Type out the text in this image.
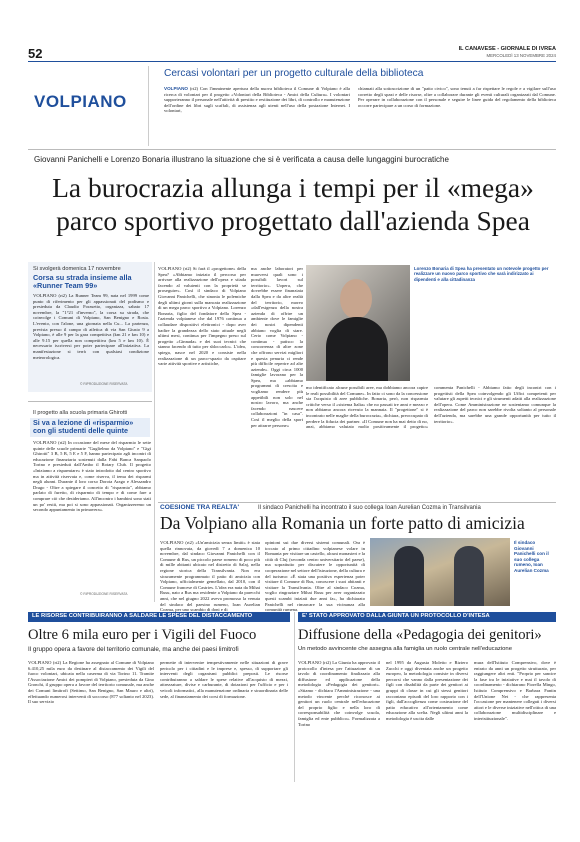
52	IL CANAVESE - GIORNALE DI IVREA
MERCOLEDÌ 13 NOVEMBRE 2024
VOLPIANO
Cercasi volontari per un progetto culturale della biblioteca
VOLPIANO (rt2) Con l'imminente apertura della nuova biblioteca il Comune di Volpiano è alla ricerca di volontari per il progetto «Volontari della Biblioteca - Amici della Cultura». I volontari supporteranno il personale nell'attività di prestito e restituzione dei libri, di controllo e manutenzione dell'ordine dei libri sugli scaffali, di assistenza agli utenti nell'uso della postazione Internet. I volontari,
chiamati alla sottoscrizione di un "patto civico", sono tenuti a far rispettare le regole e a vigilare sull'uso corretto degli spazi e delle risorse, oltre a collaborare durante gli eventi culturali organizzati dal Comune. Per operare in collaborazione con il personale e seguire le linee guida del regolamento della biblioteca occorre partecipare a un corso di formazione.
Giovanni Panichelli e Lorenzo Bonaria illustrano la situazione che si è verificata a causa delle lungaggini burocratiche
La burocrazia allunga i tempi per il «mega»
parco sportivo progettato dall'azienda Spea
Si svolgerà domenica 17 novembre
Corsa su strada insieme alla «Runner Team 99»
VOLPIANO (rt2) La Runner Team 99, nata nel 1999 come punto di riferimento per gli appassionati del podismo e presieduta da Claudio Forasetto, organizza, sabato 17 novembre, la "1°21 d'inverno", la corsa su strada, che coinvolge i Comuni di Volpiano, San Benigno e Rosta. L'evento, con l'alone, una giornata nella Cu... La partenza, prevista presso il campo di atletica di via San Giusto 9 a Volpiano, è alle 9 per la gara competitiva (km 21 e km 10) e alle 9.15 per quella non competitiva (km 5 e km 10). È necessario iscriversi per poter partecipare all'iniziativa. La manifestazione si terrà con qualsiasi condizione meteorologica.
© RIPRODUZIONE RISERVATA
VOLPIANO (rt2) Si farà il «progettone» della Spea? «Abbiamo iniziato il percorso per arrivare alla realizzazione dell'opera e stiada facendo al valutenti con la proprietà se proseguire». Così il sindaco di Volpiano Giovanni Panichelli, che sinonia le polemiche degli ultimi giorni sulla mancata realizzazione di un mega parco sportivo a Volpiano. Lorenzo Bonaria, figlio del fondatore della Spea - l'azienda volpianese che dal 1976 continua a collaudare dispositivi elettronici - dopo aver badire la grandezza dello stato attuale negli ultimi mesi, continua per l'impegno preso sul progetto «Ginnada» e dei suoi tecnici che stanno facendo di tutto per sbloccarlo». L'idea, spiega, nasce nel 2020 e consiste nella realizzazione di un parco-spazio da ospitare varie attività sportive e artistiche,
ma anche laboratori per muoversi quali sono i possibili lavori sul territorio». Uopera, che dovrebbe essere finanziata dalla Spea e da altre realtà del territorio, moreo «dall'esigenza della nostra azienda di offrire un ambiente dove le famiglie dei nostri dipendenti abbiano voglia di stare. Certo come Volpiano - continua - patisco la concorrenza di altre zone che offrono servizi migliori e questa penuria ci rende più difficile reperire ad alte aziende». Oggi circa 1000 famiglie lavorano per la Spea, ma «abbiamo programmi di crescita e vogliamo rendere più appetibili non solo nel nostro lavoro, ma anche facendo nascere collaborazioni "in casa". Così il meglio della sport per attrarre persone»
Lorenzo Bonaria di Spea ha presentato un notevole progetto per realizzare un nuovo parco sportivo che sarà indirizzato ai dipendenti e alla cittadinanza
mo identificato alcune possibili aree, ma dobbiamo ancora capire le reali possibilità del Comune». In fatto ci sono da la concessione sia l'acquisto di aree pubbliche. Bonaria, però, non risparmia critiche verso il «sistema Italia» che no passati tre anni e mezzo e non abbiamo ancora ricevuto la mannaia. Il "progettone" si è incontrato nelle maglie della burocrazia», dichiara, preoccupato di perdere la fiducia dei partner. «Il Comune non ha mai detto di no, anzi, abbiamo valutato molto positivamente il progetto» commenta Panichelli - Abbiamo fatto degli incontri con i progettisti della Spea coinvolgendo gli Uffici competenti per valutare gli aspetti tecnici e gli strumenti adatti alla realizzazione dell'opera. Come Amministrazione ne sosteniamo comunque la realizzazione del parco non sarebbe rivolta soltanto al personale dell'azienda, ma sarebbe una grande opportunità per tutto il territorio».
Il progetto alla scuola primaria Ghirotti
Si va a lezione di «risparmio» con gli studenti delle quinte
VOLPIANO (rt2) In occasione del mese del risparmio le sette quinte delle scuole primarie "Guglielmo da Volpiano" e "Gigi Ghirotti" 3 B, 5 B, 5 E e 5 F, hanno partecipato agli incontri di educazione finanziaria sostenuti dalla Fabi Banca Sanpaolo Torino e presieduti dall'Ambo il Rotary Club. Il progetto «Iniziamo a risparmiare» è stato introdotto dal centro sportivo ma in attività riservata e, come riserva, il tema dei risparmi negli alunni. Durante il loro corso Dorota Arago e Alessandro Drago - Oltre a spiegare il concetto di "risparmio", abbiamo parlato di furetto, di risparmio di tempo e di come fare a comprare ciò che desideriamo. All'incontro i bambini sono stati un po' restii, ma poi si sono appassionati. Organizzeremo un secondo appuntamento in primavera».
© RIPRODUZIONE RISERVATA
COESIONE TRA REALTA'	Il sindaco Panichelli ha incontrato il suo collega Ioan Aurelian Cozma in Transilvania
Da Volpiano alla Romania un forte patto di amicizia
VOLPIANO (rt2) «Un'amicizia senza limiti» è stata quella rinnovata, da giovedì 7 a domenica 10 novembre, dal sindaco Giovanni Panichelli con il Comune di Rus, un piccolo paese romeno di poco più di mille abitanti ubicato nel distretto di Salaj, nella regione storica della Transilvania. Non era sicuramente programmato il patto di amicizia con Volpiano, ufficialmente gemellato, dal 2010, con il Comune francese di Castries. L'idea era nata da Mihai Rusu, nato a Rus ma residente a Volpiano da parecchi anni, che nel giugno 2022 aveva promosso la venuta del sindaco del paesino rumeno, Ioan Aurelian Cozma, per uno scambio di doni e di
opinioni sui due diversi sistemi comunali. Ora è toccato al primo cittadino volpianese volare in Romania per visitare un castello, alcuni monasteri e la città di Cluj (seconda centro universitario del paese), ma soprattutto per discutere le opportunità di cooperazione nel settore dell'istruzione, della cultura e del turismo: «È stata una positiva esperienza poter visitare il Comune di Rus, conoscere i suoi abitanti e visitare la Transilvania. Oltre al sindaco Cozma, voglio ringraziare Mihai Rusu per aver organizzato questi scambi iniziati due anni fa», ha dichiarato Panichelli nel rimarcare la sua vicinanza alla comunità rumena.
Il sindaco Giovanni Panichelli con il suo collega rumeno, Ioan Aurelian Cozma
LE RISORSE CONTRIBUIRANNO A SALDARE LE SPESE DEL DISTACCAMENTO
Oltre 6 mila euro per i Vigili del Fuoco
Il gruppo opera a favore del territorio comunale, ma anche dei paesi limitrofi
VOLPIANO (rt2) La Regione ha assegnato al Comune di Volpiano 6.410,25 mila euro da destinare al distaccamento dei Vigili del fuoco volontari, ubicata nella caserma di via Torino 11. Tramite l'Associazione Amici dei pompieri di Volpiano, presieduta da Gino Gronchi, il gruppo opera a favore del territorio comunale, ma anche dei Comuni limitrofi (Settimo, San Benigno, San Mauro e altri), effettuando numerosi interventi di soccorso (877 soltanto nel 2023). Il suo servizio
permette di intervenire tempestivamente nelle situazioni di grave pericolo per i cittadini e le imprese e, spesso, di supportare gli interventi degli organismi pubblici preposti. Le risorse contribuiranno a saldare le spese relative all'acquisto di mezzi, attrezzature, divise e carburante, di dotazioni per l'ufficio e per i veicoli informatici, alla manutenzione ordinaria e straordinaria delle sede, al finanziamento dei corsi di formazione.
E' STATO APPROVATO DALLA GIUNTA UN PROTOCOLLO D'INTESA
Diffusione della «Pedagogia dei genitori»
Un metodo avvincente che assegna alla famiglia un ruolo centrale nell'educazione
VOLPIANO (rt2) La Giunta ha approvato il protocollo d'intesa per l'attuazione di un tavolo di coordinamento finalizzato alla diffusione ed applicazione della metodologia «Pedagogia dei genitori». «Stiamo - dichiara l'Amministrazione - una metodo vincente perché riconosce ai genitori un ruolo centrale nell'educazione del proprio figlio e nella loro di corresponsabilità che coinvolge scuola, famiglia ed ente pubblico». Formalizzata a Torino
nel 1995 da Augusta Moletto e Riziero Zucchi e oggi diventata anche un progetto europeo, la metodologia consiste in diversi percorsi che vanno dalla presentazione dei figli con disabilità da parte dei genitori ai gruppi di classe in cui gli stessi genitori raccontano episodi del loro rapporto con i figli, dall'accoglienza come costruzione del patto educativo all'orientamento come educazione alla scelta. Negli ultimi anni la metodologia è uscita dalle
mura dell'Istituto Comprensivo, dove è entrato da anni un progetto strutturato, per raggiungere altri enti. "Proprio per sancire la fase tra le iniziative e mai il tavolo di coordinamento - dichiarano Fiorella Mingo, Istituto Comprensivo e Barbara Fantin dell'Unione Net - che rappresenta l'occasione per mantenere collegati i diversi attori e le diverse iniziative nell'ottica di una collaborazione multidisciplinare e interistituzionale".
